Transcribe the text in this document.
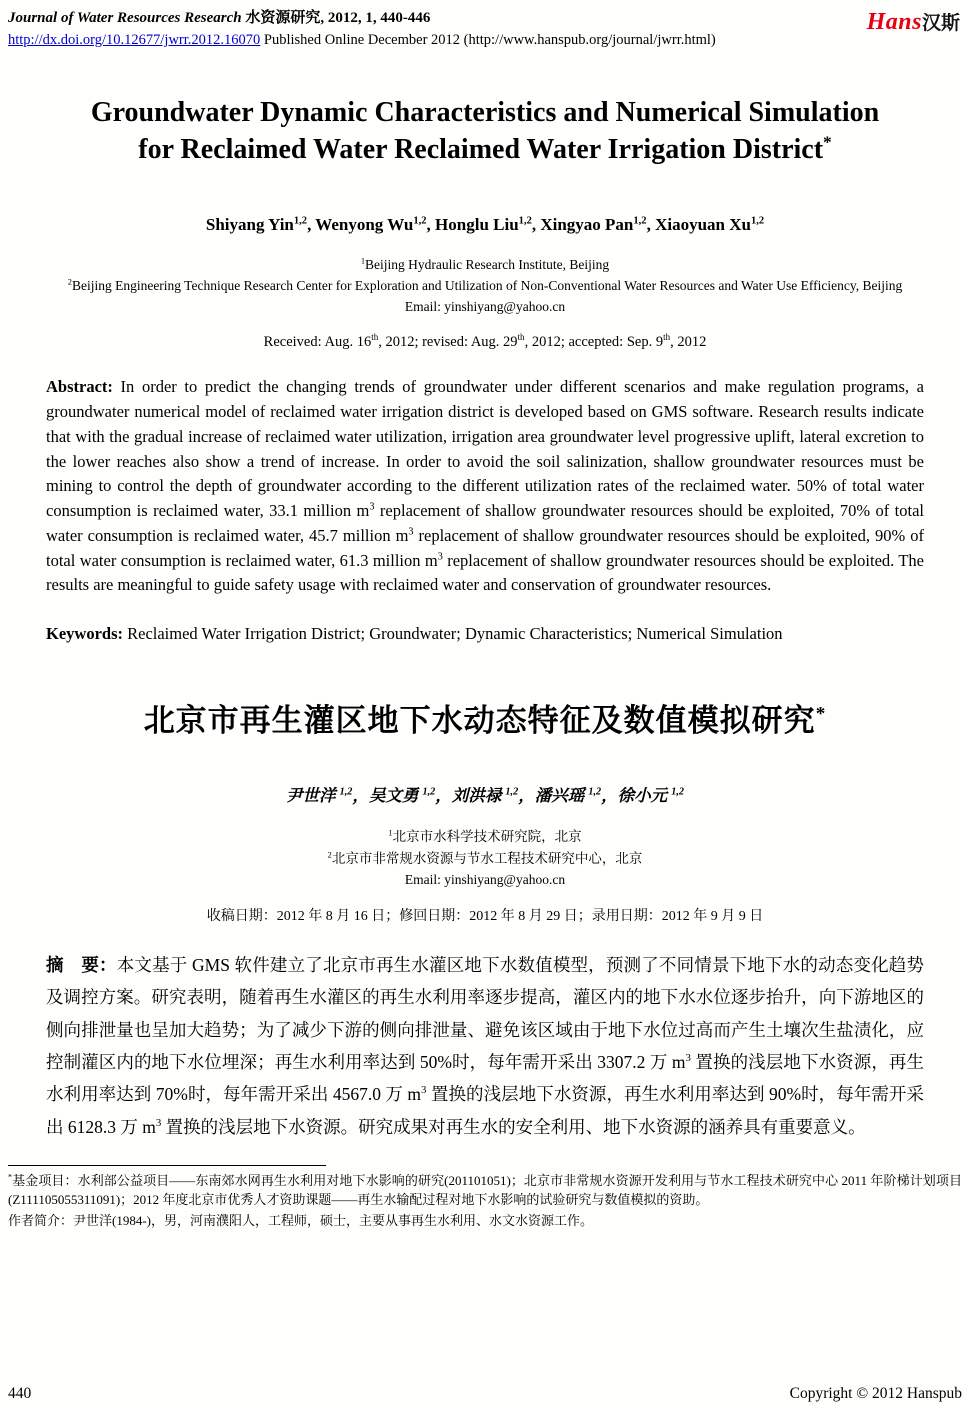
Journal of Water Resources Research 水资源研究, 2012, 1, 440-446
http://dx.doi.org/10.12677/jwrr.2012.16070 Published Online December 2012 (http://www.hanspub.org/journal/jwrr.html)
Hans汉斯
Groundwater Dynamic Characteristics and Numerical Simulation for Reclaimed Water Reclaimed Water Irrigation District*
Shiyang Yin$^{1,2}$, Wenyong Wu$^{1,2}$, Honglu Liu$^{1,2}$, Xingyao Pan$^{1,2}$, Xiaoyuan Xu$^{1,2}$
$^1$Beijing Hydraulic Research Institute, Beijing
$^2$Beijing Engineering Technique Research Center for Exploration and Utilization of Non-Conventional Water Resources and Water Use Efficiency, Beijing
Email: yinshiyang@yahoo.cn
Received: Aug. 16th, 2012; revised: Aug. 29th, 2012; accepted: Sep. 9th, 2012

Abstract: In order to predict the changing trends of groundwater under different scenarios and make regulation programs, a groundwater numerical model of reclaimed water irrigation district is developed based on GMS software. Research results indicate that with the gradual increase of reclaimed water utilization, irrigation area groundwater level progressive uplift, lateral excretion to the lower reaches also show a trend of increase. In order to avoid the soil salinization, shallow groundwater resources must be mining to control the depth of groundwater according to the different utilization rates of the reclaimed water. 50% of total water consumption is reclaimed water, 33.1 million $m^3$ replacement of shallow groundwater resources should be exploited, 70% of total water consumption is reclaimed water, 45.7 million $m^3$ replacement of shallow groundwater resources should be exploited, 90% of total water consumption is reclaimed water, 61.3 million $m^3$ replacement of shallow groundwater resources should be exploited. The results are meaningful to guide safety usage with reclaimed water and conservation of groundwater resources.

Keywords: Reclaimed Water Irrigation District; Groundwater; Dynamic Characteristics; Numerical Simulation

北京市再生灌区地下水动态特征及数值模拟研究*
尹世洋 $^{1,2}$，吴文勇 $^{1,2}$，刘洪禄 $^{1,2}$，潘兴瑶 $^{1,2}$，徐小元 $^{1,2}$
$^1$北京市水科学技术研究院，北京
$^2$北京市非常规水资源与节水工程技术研究中心，北京
Email: yinshiyang@yahoo.cn
收稿日期：2012 年 8 月 16 日；修回日期：2012 年 8 月 29 日；录用日期：2012 年 9 月 9 日

摘　要：本文基于 GMS 软件建立了北京市再生水灌区地下水数值模型，预测了不同情景下地下水的动态变化趋势及调控方案。研究表明，随着再生水灌区的再生水利用率逐步提高，灌区内的地下水水位逐步抬升，向下游地区的侧向排泄量也呈加大趋势；为了减少下游的侧向排泄量、避免该区域由于地下水位过高而产生土壤次生盐渍化，应控制灌区内的地下水位埋深；再生水利用率达到 50%时，每年需开采出 3307.2 万 $m^3$ 置换的浅层地下水资源，再生水利用率达到 70%时，每年需开采出 4567.0 万 $m^3$ 置换的浅层地下水资源，再生水利用率达到 90%时，每年需开采出 6128.3 万 $m^3$ 置换的浅层地下水资源。研究成果对再生水的安全利用、地下水资源的涵养具有重要意义。

*基金项目：水利部公益项目——东南郊水网再生水利用对地下水影响的研究(201101051)；北京市非常规水资源开发利用与节水工程技术研究中心 2011 年阶梯计划项目(Z111105055311091)；2012 年度北京市优秀人才资助课题——再生水输配过程对地下水影响的试验研究与数值模拟的资助。
作者简介：尹世洋(1984-)，男，河南濮阳人，工程师，硕士，主要从事再生水利用、水文水资源工作。
440	Copyright © 2012 Hanspub
